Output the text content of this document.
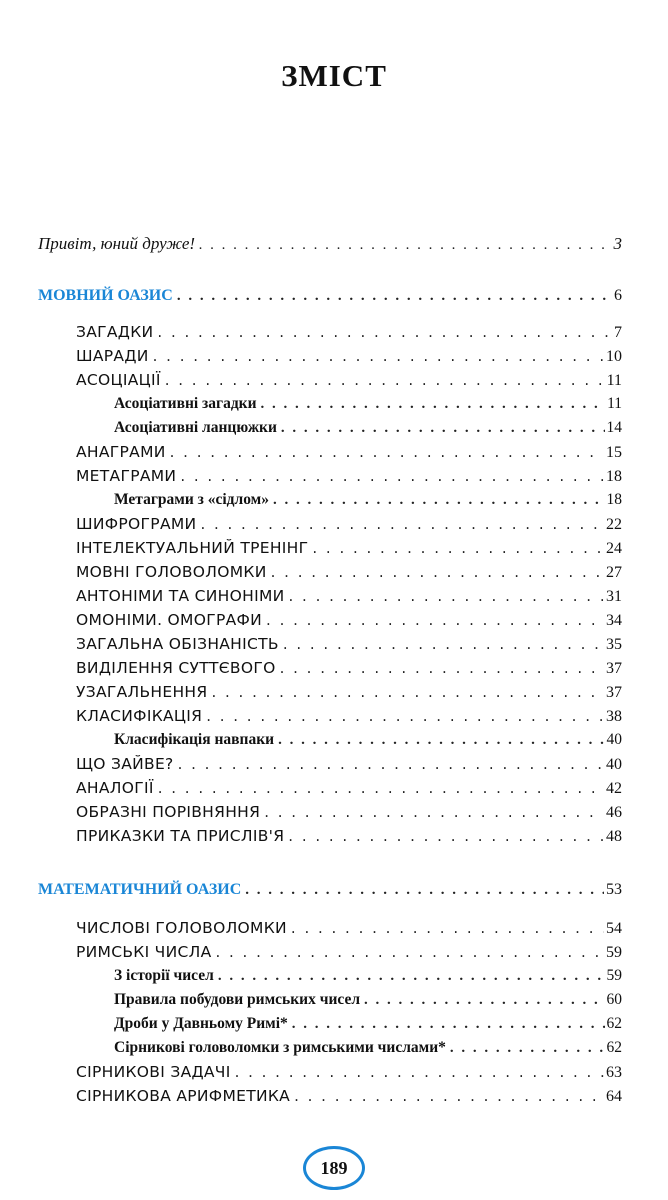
ЗМІСТ
Привіт, юний друже! . . .	3
МОВНИЙ ОАЗИС . . .	6
ЗАГАДКИ . . .	7
ШАРАДИ . . .	10
АСОЦІАЦІЇ . . .	11
Асоціативні загадки . . .	11
Асоціативні ланцюжки . . .	14
АНАГРАМИ . . .	15
МЕТАГРАМИ . . .	18
Метаграми з «сідлом» . . .	18
ШИФРОГРАМИ . . .	22
ІНТЕЛЕКТУАЛЬНИЙ ТРЕНІНГ . . .	24
МОВНІ ГОЛОВОЛОМКИ . . .	27
АНТОНІМИ ТА СИНОНІМИ . . .	31
ОМОНІМИ. ОМОГРАФИ . . .	34
ЗАГАЛЬНА ОБІЗНАНІСТЬ . . .	35
ВИДІЛЕННЯ СУТТЄВОГО . . .	37
УЗАГАЛЬНЕННЯ . . .	37
КЛАСИФІКАЦІЯ . . .	38
Класифікація навпаки . . .	40
ЩО ЗАЙВЕ? . . .	40
АНАЛОГІЇ . . .	42
ОБРАЗНІ ПОРІВНЯННЯ . . .	46
ПРИКАЗКИ ТА ПРИСЛІВ'Я . . .	48
МАТЕМАТИЧНИЙ ОАЗИС . . .	53
ЧИСЛОВІ ГОЛОВОЛОМКИ . . .	54
РИМСЬКІ ЧИСЛА . . .	59
З історії чисел . . .	59
Правила побудови римських чисел . . .	60
Дроби у Давньому Римі* . . .	62
Сірникові головоломки з римськими числами* . . .	62
СІРНИКОВІ ЗАДАЧІ . . .	63
СІРНИКОВА АРИФМЕТИКА . . .	64
189
